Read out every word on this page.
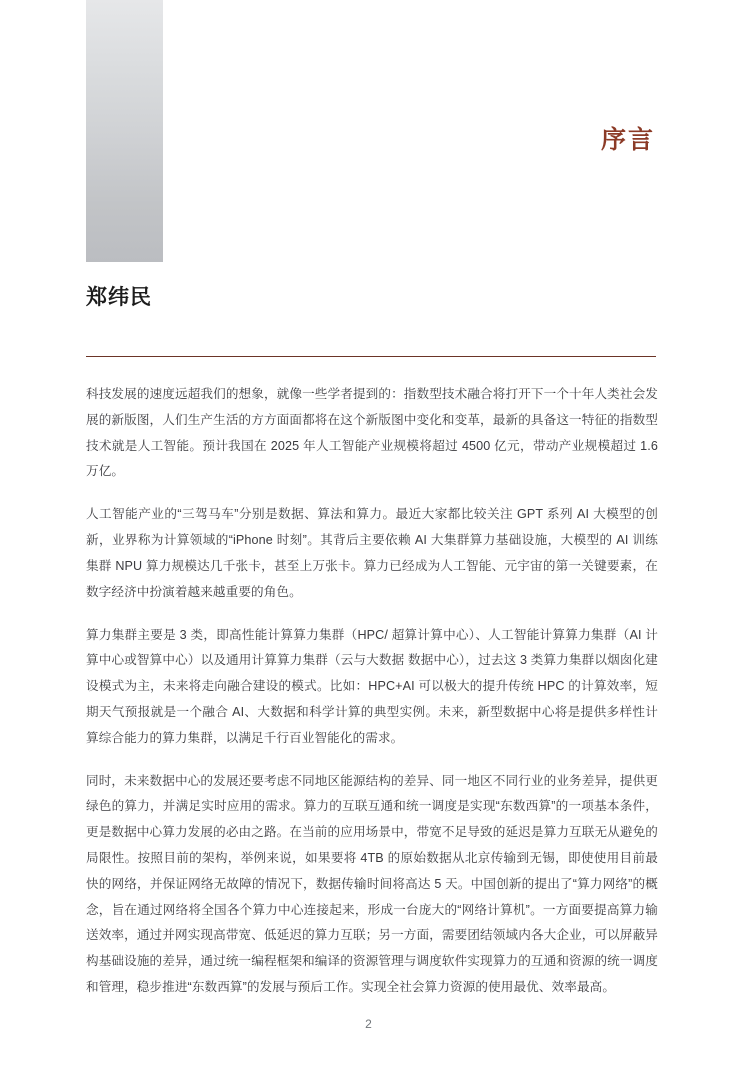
序言
郑纬民

科技发展的速度远超我们的想象，就像一些学者提到的：指数型技术融合将打开下一个十年人类社会发展的新版图，人们生产生活的方方面面都将在这个新版图中变化和变革，最新的具备这一特征的指数型技术就是人工智能。预计我国在 2025 年人工智能产业规模将超过 4500 亿元，带动产业规模超过 1.6 万亿。

人工智能产业的“三驾马车”分别是数据、算法和算力。最近大家都比较关注 GPT 系列 AI 大模型的创新，业界称为计算领域的“iPhone 时刻”。其背后主要依赖 AI 大集群算力基础设施，大模型的 AI 训练集群 NPU 算力规模达几千张卡，甚至上万张卡。算力已经成为人工智能、元宇宙的第一关键要素，在数字经济中扮演着越来越重要的角色。

算力集群主要是 3 类，即高性能计算算力集群（HPC/ 超算计算中心）、人工智能计算算力集群（AI 计算中心或智算中心）以及通用计算算力集群（云与大数据 数据中心），过去这 3 类算力集群以烟囱化建设模式为主，未来将走向融合建设的模式。比如：HPC+AI 可以极大的提升传统 HPC 的计算效率，短期天气预报就是一个融合 AI、大数据和科学计算的典型实例。未来，新型数据中心将是提供多样性计算综合能力的算力集群，以满足千行百业智能化的需求。

同时，未来数据中心的发展还要考虑不同地区能源结构的差异、同一地区不同行业的业务差异，提供更绿色的算力，并满足实时应用的需求。算力的互联互通和统一调度是实现“东数西算”的一项基本条件，更是数据中心算力发展的必由之路。在当前的应用场景中，带宽不足导致的延迟是算力互联无从避免的局限性。按照目前的架构，举例来说，如果要将 4TB 的原始数据从北京传输到无锡，即使使用目前最快的网络，并保证网络无故障的情况下，数据传输时间将高达 5 天。中国创新的提出了“算力网络”的概念，旨在通过网络将全国各个算力中心连接起来，形成一台庞大的“网络计算机”。一方面要提高算力输送效率，通过并网实现高带宽、低延迟的算力互联；另一方面，需要团结领域内各大企业，可以屏蔽异构基础设施的差异，通过统一编程框架和编译的资源管理与调度软件实现算力的互通和资源的统一调度和管理，稳步推进“东数西算”的发展与预后工作。实现全社会算力资源的使用最优、效率最高。

2
